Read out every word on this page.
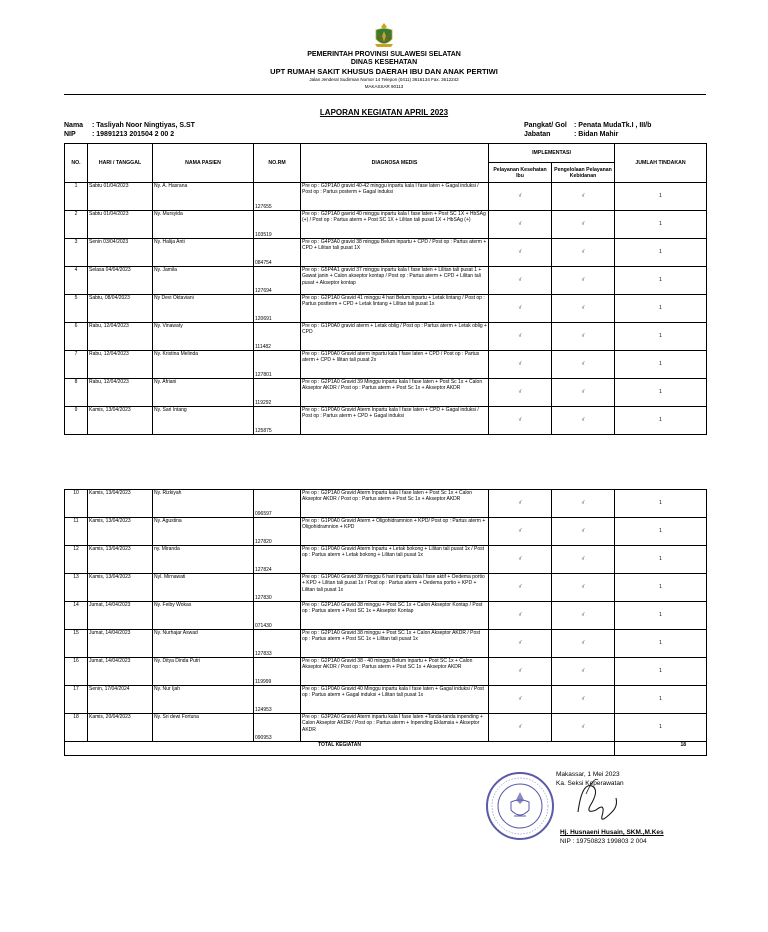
PEMERINTAH PROVINSI SULAWESI SELATAN
DINAS KESEHATAN
UPT RUMAH SAKIT KHUSUS DAERAH IBU DAN ANAK PERTIWI
Jalan Jenderal Sudirman Nomor 14 Telepon (0411) 3616134 Fax. 3612242
MAKASSAR 90113
LAPORAN KEGIATAN APRIL 2023
Nama : Tasliyah Noor Ningtiyas, S.ST
NIP : 19891213 201504 2 00 2
Pangkat/ Gol : Penata MudaTk.I , III/b
Jabatan	: Bidan Mahir
NO.	HARI / TANGGAL	NAMA PASIEN	NO.RM	DIAGNOSA MEDIS	IMPLEMENTASI		JUMLAH TINDAKAN
					Pelayanan Kesehatan Ibu	Pengelolaan Pelayanan Kebidanan	
1	Sabtu 01/04/2023	Ny. A. Hasrana	127655	Pre op : G2P1A0 gravid 40-42 minggu inpartu kala I fase laten + Gagal induksi / Post op : Partus posterm + Gagal induksi	√	√	1
2	Sabtu 01/04/2023	Ny. Mursyida	103519	Pre op : G2P1A0 gavrid 40 minggu inpartu kala I fase laten + Post SC 1X + HbSAg (+) / Post op : Partus aterm + Post SC 1X + Lilitan tali pusat 1X + HbSAg (+)	√	√	1
3	Senin 03/04/2023	Ny. Halija Anti	084754	Pre op : G4P3A0 gravid 38 minggu Belum inpartu + CPD / Post op : Partus aterm + CPD + Lilitan tali pusat 1X	√	√	1
4	Selasa 04/04/2023	Ny. Jamila	127694	Pre op : G5P4A1 gravid 37 minggu inpartu kala I fase laten + Lilitan tali pusat 1 + Gawat janin + Calon akseptor kontap / Post op : Partus aterm + CPD + Lilitan tali pusat + Akseptor kontap	√	√	1
5	Sabtu, 08/04/2023	Ny Devi Oktaviani	120691	Pre op : G2P1A0 Gravid 41 minggu 4 hari Belum inpartu + Letak lintang / Post op : Partus postterm + CPD + Letak lintang + Lilitan tali pusat 1x	√	√	1
6	Rabu, 12/04/2023	Ny. Vinawaty	111482	Pre op : G1P0A0 gravid aterm + Letak oblig / Post op : Partus aterm + Letak oblig + CPD	√	√	1
7	Rabu, 12/04/2023	Ny. Kristina Melinda	127801	Pre op : G1P0A0 Gravid aterm inpartu kala I fase laten + CPD / Post op : Partus aterm + CPD + lilitan tali pusat 2x	√	√	1
8	Rabu, 12/04/2023	Ny. Afriani	119292	Pre op : G2P1A0 Gravid 39 Minggu inpartu kala I fase laten + Post Sc 1x + Calon Akseptor AKDR / Post op : Partus aterm + Post Sc 1x + Akseptor AKDR	√	√	1
9	Kamis, 13/04/2023	Ny. Sari Intang	125875	Pre op : G1P0A0 Gravid Aterm Inpartu kala I fase laten + CPD + Gagal induksi / Post op : Partus aterm + CPD + Gagal induksi	√	√	1
10	Kamis, 13/04/2023	Ny. Rizkiyah	096597	Pre op : G2P1A0 Gravid Aterm Inpartu kala I fase laten + Post Sc 1x + Calon Akseptor AKDR / Post op : Partus aterm + Post Sc 1x + Akseptor AKDR	√	√	1
11	Kamis, 13/04/2023	Ny. Agustina	127820	Pre op : G1P0A0 Gravid Aterm + Oligohidramnion + KPD/ Post op : Partus aterm + Oligohidramnion + KPD	√	√	1
12	Kamis, 13/04/2023	ny. Miranda	127824	Pre op : G1P0A0 Gravid Aterm Inpartu + Letak bokong + Lilitan tali pusat 1x / Post op : Partus aterm + Letak bokong + Lilitan tali pusat 1x	√	√	1
13	Kamis, 13/04/2023	Nyl. Mirnawati	127830	Pre op : G1P0A0 Gravid 39 minggu 6 hari inpartu kala I fase aktif + Oedema portio + KPD + Lilitan tali pusat 1x / Post op : Partus aterm + Oedema portio + KPD + Lilitan tali pusat 1x	√	√	1
14	Jumat, 14/04/2023	Ny. Feiby Wokas	071430	Pre op : G2P1A0 Gravid 38 minggu + Post SC 1x + Calon Akseptor Kontap / Post op : Partus aterm + Post SC 1x + Akseptor Kontap	√	√	1
15	Jumat, 14/04/2023	Ny. Nurhajar Aswad	127833	Pre op : G2P1A0 Gravid 38 minggu + Post SC 1x + Calon Akseptor AKDR / Post op : Partus aterm + Post SC 1x + Lilitan tali pusat 1x	√	√	1
16	Jumat, 14/04/2023	Ny. Ditya Dinda Putri	119999	Pre op : G2P1A0 Gravid 38 - 40 minggu Belum inpartu + Post SC 1x + Calon Akseptor AKDR / Post op : Partus aterm + Post SC 1x + Akseptor AKDR	√	√	1
17	Senin, 17/04/2024	Ny. Nur Ijah	124953	Pre op : G1P0A0 Gravid 40 Minggu inpartu kala I fase laten + Gagal induksi / Post op : Partus aterm + Gagal induksi + Lilitan tali pusat 1x	√	√	1
18	Kamis, 20/04/2023	Ny. Sri dewi Fortuna	090953	Pre op : G3P2A0 Gravid Aterm inpartu kala I fase laten +Tanda-tanda inpending + Calon Akseptor AKDR / Post op : Partus aterm + Inpending Eklamsia + Akseptor AKDR	√	√	1
TOTAL KEGIATAN							18
Makassar, 1 Mei 2023
Ka. Seksi Keperawatan
Hj. Husnaeni Husain, SKM.,M.Kes
NIP : 19750823 199803 2 004
